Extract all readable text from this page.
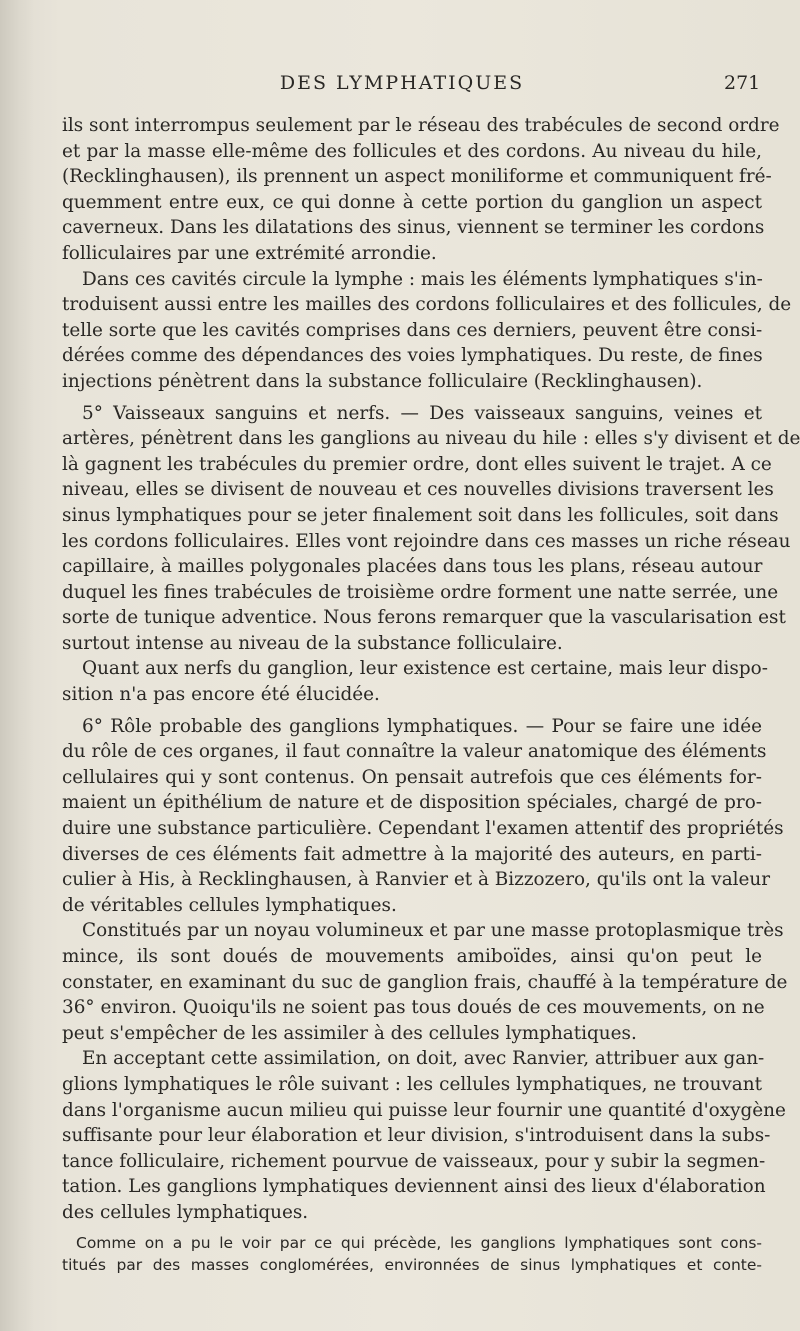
DES LYMPHATIQUES	271
ils sont interrompus seulement par le réseau des trabécules de second ordre
et par la masse elle-même des follicules et des cordons. Au niveau du hile,
(Recklinghausen), ils prennent un aspect moniliforme et communiquent fré-
quemment entre eux, ce qui donne à cette portion du ganglion un aspect
caverneux. Dans les dilatations des sinus, viennent se terminer les cordons
folliculaires par une extrémité arrondie.
Dans ces cavités circule la lymphe : mais les éléments lymphatiques s'in-
troduisent aussi entre les mailles des cordons folliculaires et des follicules, de
telle sorte que les cavités comprises dans ces derniers, peuvent être consi-
dérées comme des dépendances des voies lymphatiques. Du reste, de fines
injections pénètrent dans la substance folliculaire (Recklinghausen).
5° Vaisseaux sanguins et nerfs. — Des vaisseaux sanguins, veines et
artères, pénètrent dans les ganglions au niveau du hile : elles s'y divisent et de
là gagnent les trabécules du premier ordre, dont elles suivent le trajet. A ce
niveau, elles se divisent de nouveau et ces nouvelles divisions traversent les
sinus lymphatiques pour se jeter finalement soit dans les follicules, soit dans
les cordons folliculaires. Elles vont rejoindre dans ces masses un riche réseau
capillaire, à mailles polygonales placées dans tous les plans, réseau autour
duquel les fines trabécules de troisième ordre forment une natte serrée, une
sorte de tunique adventice. Nous ferons remarquer que la vascularisation est
surtout intense au niveau de la substance folliculaire.
Quant aux nerfs du ganglion, leur existence est certaine, mais leur dispo-
sition n'a pas encore été élucidée.
6° Rôle probable des ganglions lymphatiques. — Pour se faire une idée
du rôle de ces organes, il faut connaître la valeur anatomique des éléments
cellulaires qui y sont contenus. On pensait autrefois que ces éléments for-
maient un épithélium de nature et de disposition spéciales, chargé de pro-
duire une substance particulière. Cependant l'examen attentif des propriétés
diverses de ces éléments fait admettre à la majorité des auteurs, en parti-
culier à His, à Recklinghausen, à Ranvier et à Bizzozero, qu'ils ont la valeur
de véritables cellules lymphatiques.
Constitués par un noyau volumineux et par une masse protoplasmique très
mince, ils sont doués de mouvements amiboïdes, ainsi qu'on peut le
constater, en examinant du suc de ganglion frais, chauffé à la température de
36° environ. Quoiqu'ils ne soient pas tous doués de ces mouvements, on ne
peut s'empêcher de les assimiler à des cellules lymphatiques.
En acceptant cette assimilation, on doit, avec Ranvier, attribuer aux gan-
glions lymphatiques le rôle suivant : les cellules lymphatiques, ne trouvant
dans l'organisme aucun milieu qui puisse leur fournir une quantité d'oxygène
suffisante pour leur élaboration et leur division, s'introduisent dans la subs-
tance folliculaire, richement pourvue de vaisseaux, pour y subir la segmen-
tation. Les ganglions lymphatiques deviennent ainsi des lieux d'élaboration
des cellules lymphatiques.
Comme on a pu le voir par ce qui précède, les ganglions lymphatiques sont cons-
titués par des masses conglomérées, environnées de sinus lymphatiques et conte-
